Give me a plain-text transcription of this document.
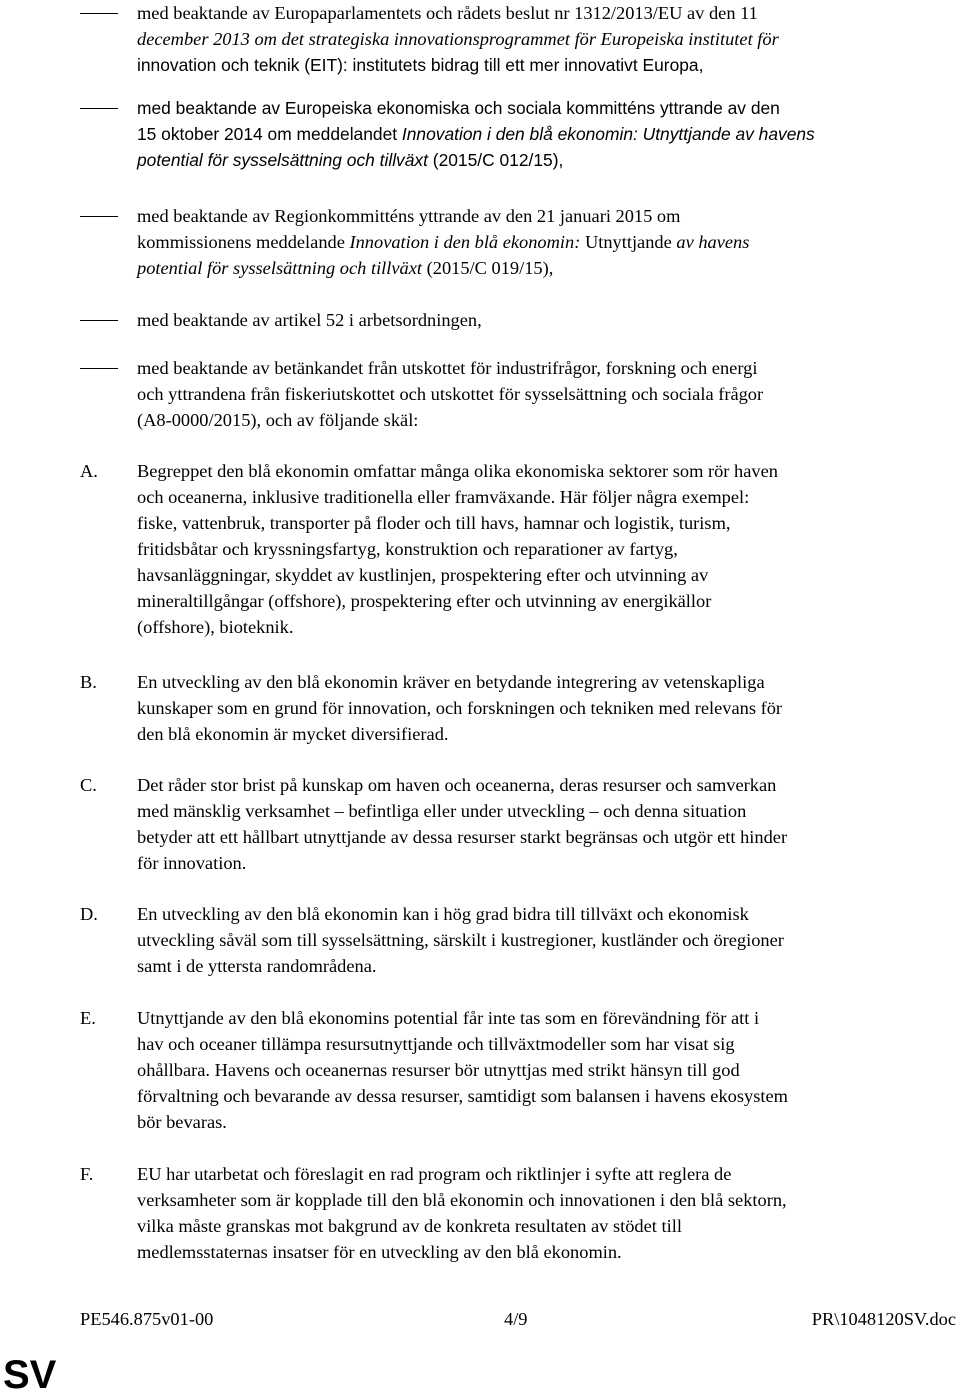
med beaktande av Europaparlamentets och rådets beslut nr 1312/2013/EU av den 11
december 2013 om det strategiska innovationsprogrammet för Europeiska institutet för
innovation och teknik (EIT): institutets bidrag till ett mer innovativt Europa,
med beaktande av Europeiska ekonomiska och sociala kommitténs yttrande av den
15 oktober 2014 om meddelandet Innovation i den blå ekonomin: Utnyttjande av havens
potential för sysselsättning och tillväxt (2015/C 012/15),
med beaktande av Regionkommitténs yttrande av den 21 januari 2015 om
kommissionens meddelande Innovation i den blå ekonomin: Utnyttjande av havens
potential för sysselsättning och tillväxt (2015/C 019/15),
med beaktande av artikel 52 i arbetsordningen,
med beaktande av betänkandet från utskottet för industrifrågor, forskning och energi
och yttrandena från fiskeriutskottet och utskottet för sysselsättning och sociala frågor
(A8-0000/2015), och av följande skäl:
A. Begreppet den blå ekonomin omfattar många olika ekonomiska sektorer som rör haven
och oceanerna, inklusive traditionella eller framväxande. Här följer några exempel:
fiske, vattenbruk, transporter på floder och till havs, hamnar och logistik, turism,
fritidsbåtar och kryssningsfartyg, konstruktion och reparationer av fartyg,
havsanläggningar, skyddet av kustlinjen, prospektering efter och utvinning av
mineraltillgångar (offshore), prospektering efter och utvinning av energikällor
(offshore), bioteknik.
B. En utveckling av den blå ekonomin kräver en betydande integrering av vetenskapliga
kunskaper som en grund för innovation, och forskningen och tekniken med relevans för
den blå ekonomin är mycket diversifierad.
C. Det råder stor brist på kunskap om haven och oceanerna, deras resurser och samverkan
med mänsklig verksamhet – befintliga eller under utveckling – och denna situation
betyder att ett hållbart utnyttjande av dessa resurser starkt begränsas och utgör ett hinder
för innovation.
D. En utveckling av den blå ekonomin kan i hög grad bidra till tillväxt och ekonomisk
utveckling såväl som till sysselsättning, särskilt i kustregioner, kustländer och öregioner
samt i de yttersta randområdena.
E. Utnyttjande av den blå ekonomins potential får inte tas som en förevändning för att i
hav och oceaner tillämpa resursutnyttjande och tillväxtmodeller som har visat sig
ohållbara. Havens och oceanernas resurser bör utnyttjas med strikt hänsyn till god
förvaltning och bevarande av dessa resurser, samtidigt som balansen i havens ekosystem
bör bevaras.
F. EU har utarbetat och föreslagit en rad program och riktlinjer i syfte att reglera de
verksamheter som är kopplade till den blå ekonomin och innovationen i den blå sektorn,
vilka måste granskas mot bakgrund av de konkreta resultaten av stödet till
medlemsstaternas insatser för en utveckling av den blå ekonomin.
PE546.875v01-00	4/9	PR\1048120SV.doc
SV
